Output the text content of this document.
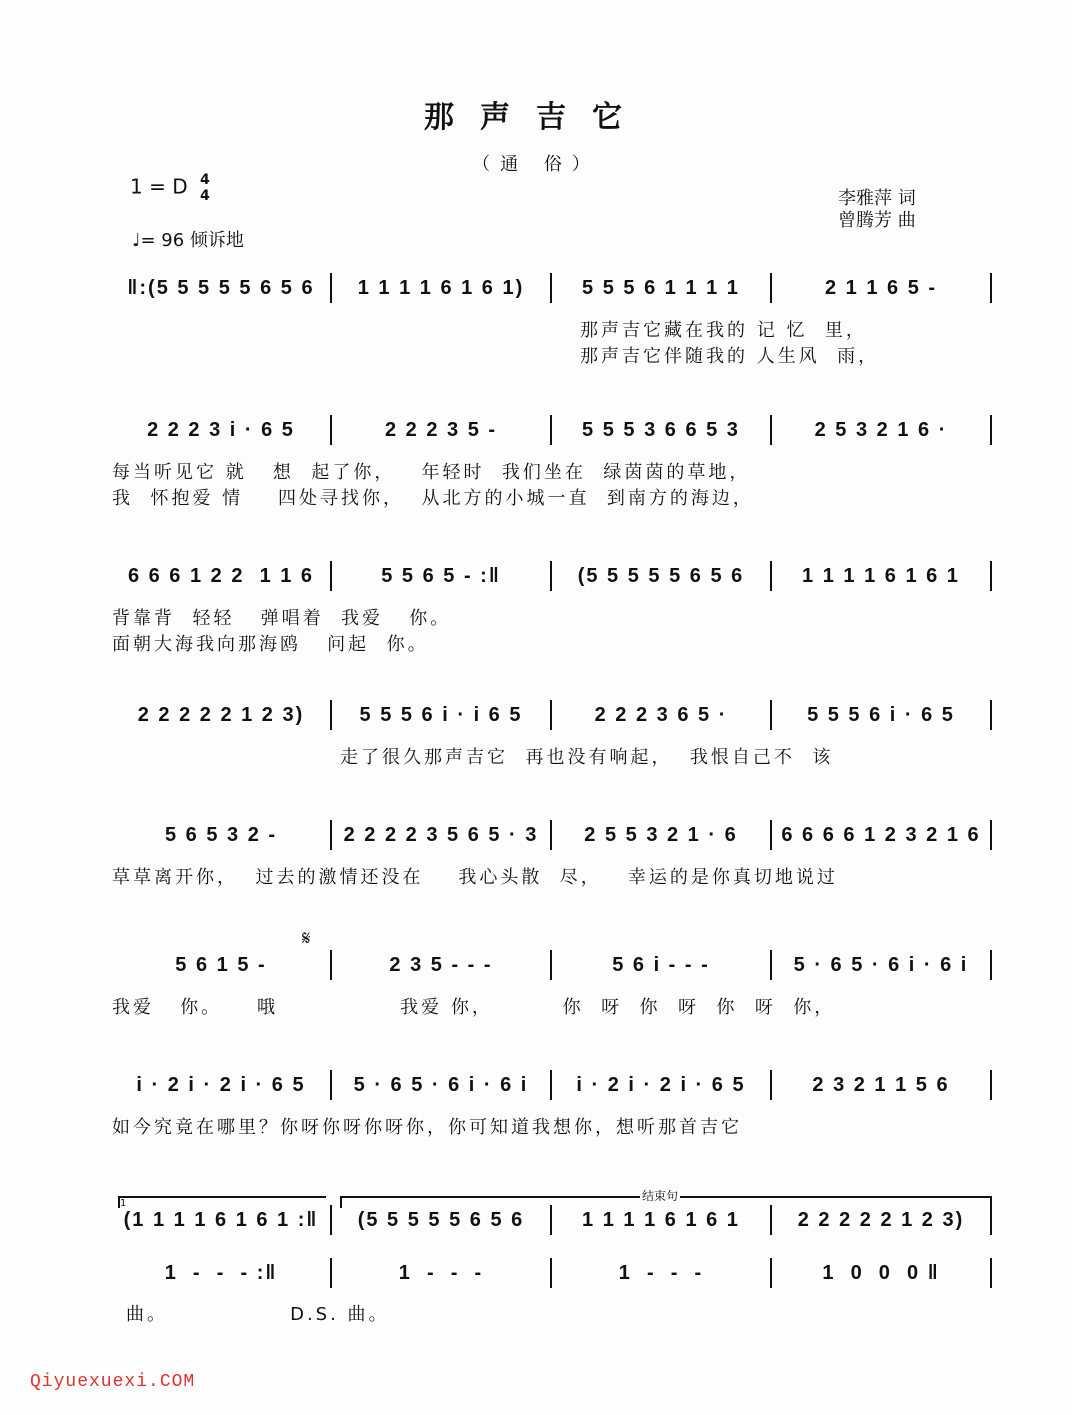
那声吉它
（通 俗）
1 = D 4
4
♩= 96 倾诉地
李雅萍 词
曾腾芳 曲
‖:(5 5 5 5 5 6 5 6	1 1 1 1 6 1 6 1)	5 5 5 6 1 1 1 1	2 1 1 6 5 -
那声吉它藏在我的 记 忆  里，
那声吉它伴随我的 人生风  雨，
2 2 2 3 i · 6 5	2 2 2 3 5 -	5 5 5 3 6 6 5 3	2 5 3 2 1 6 ·
每当听见它 就   想  起了你，   年轻时  我们坐在  绿茵茵的草地，
我  怀抱爱 情    四处寻找你，  从北方的小城一直  到南方的海边，
6 6 6 1 2 2  1 1 6	5 5 6 5 - :‖	(5 5 5 5 5 6 5 6	1 1 1 1 6 1 6 1
背靠背  轻轻   弹唱着  我爱   你。
面朝大海我向那海鸥   问起  你。
2 2 2 2 2 1 2 3)	5 5 5 6 i · i 6 5	2 2 2 3 6 5 ·	5 5 5 6 i · 6 5
走了很久那声吉它  再也没有响起，  我恨自己不  该
5 6 5 3 2 -	2 2 2 2 3 5 6 5 · 3	2 5 5 3 2 1 · 6	6 6 6 6 1 2 3 2 1 6
草草离开你，  过去的激情还没在    我心头散  尽，   幸运的是你真切地说过
5 6 1 5 -	2 3 5 - - -	5 6 i - - -	5 · 6 5 · 6 i · 6 i
我爱   你。    哦              我爱 你，        你  呀  你  呀  你  呀  你，
i · 2 i · 2 i · 6 5	5 · 6 5 · 6 i · 6 i	i · 2 i · 2 i · 6 5	2 3 2 1 1 5 6
如今究竟在哪里？你呀你呀你呀你，你可知道我想你，想听那首吉它
(1 1 1 1 6 1 6 1 :‖	(5 5 5 5 5 6 5 6	1 1 1 1 6 1 6 1	2 2 2 2 2 1 2 3)
1  -  -  - :‖	1  -  -  -	1  -  -  -	1  0  0  0 ‖
曲。              D.S. 曲。
1
结束句
𝄋
Qiyuexuexi.COM
